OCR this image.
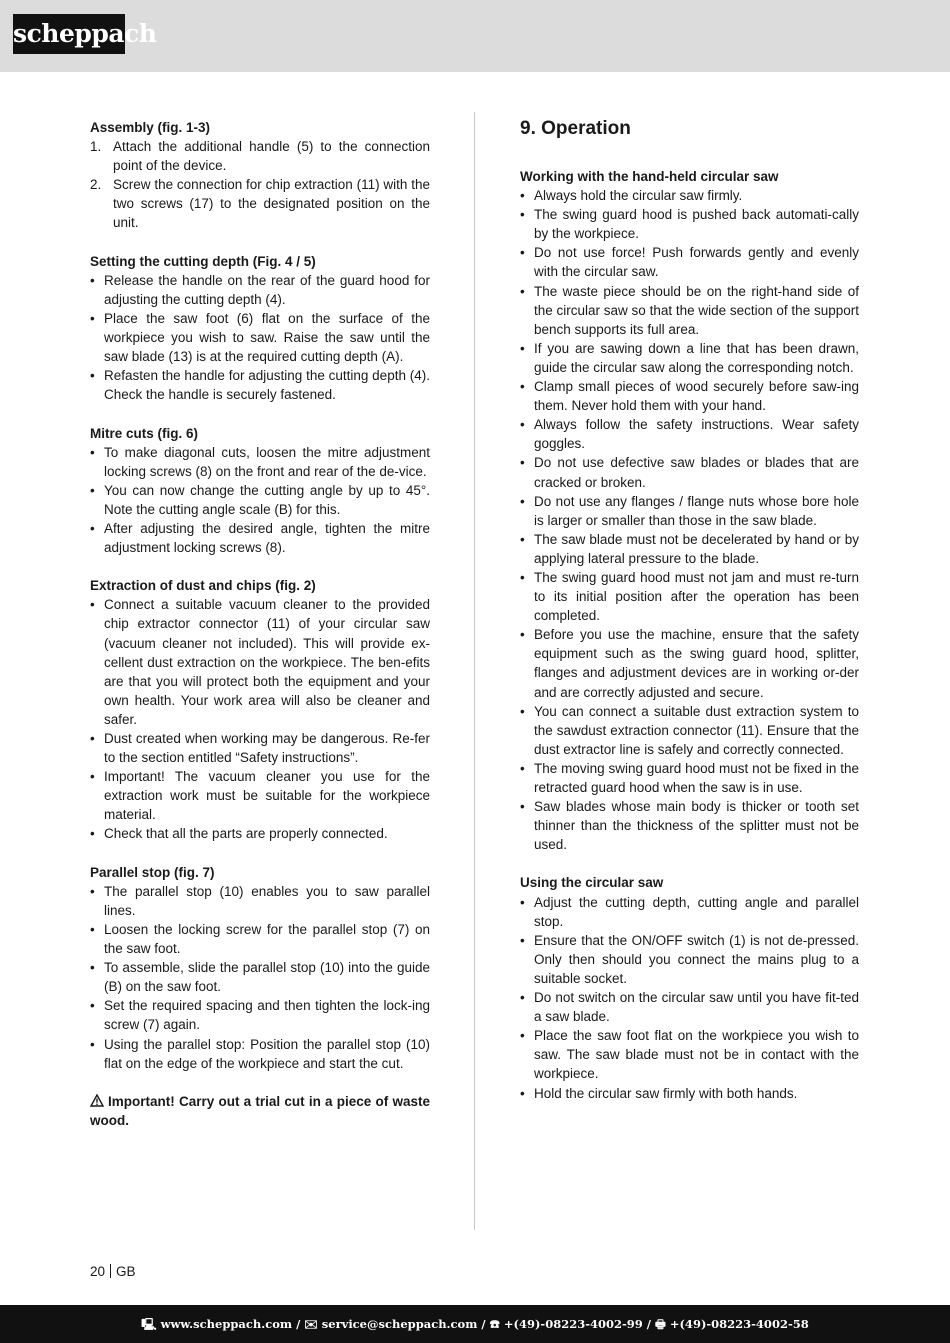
scheppach

Assembly (fig. 1-3)

1. Attach the additional handle (5) to the connection point of the device.
2. Screw the connection for chip extraction (11) with the two screws (17) to the designated position on the unit.

Setting the cutting depth (Fig. 4 / 5)

• Release the handle on the rear of the guard hood for adjusting the cutting depth (4).
• Place the saw foot (6) flat on the surface of the workpiece you wish to saw. Raise the saw until the saw blade (13) is at the required cutting depth (A).
• Refasten the handle for adjusting the cutting depth (4). Check the handle is securely fastened.

Mitre cuts (fig. 6)

• To make diagonal cuts, loosen the mitre adjustment locking screws (8) on the front and rear of the de-vice.
• You can now change the cutting angle by up to 45°. Note the cutting angle scale (B) for this.
• After adjusting the desired angle, tighten the mitre adjustment locking screws (8).

Extraction of dust and chips (fig. 2)

• Connect a suitable vacuum cleaner to the provided chip extractor connector (11) of your circular saw (vacuum cleaner not included). This will provide ex-cellent dust extraction on the workpiece. The ben-efits are that you will protect both the equipment and your own health. Your work area will also be cleaner and safer.
• Dust created when working may be dangerous. Re-fer to the section entitled “Safety instructions”.
• Important! The vacuum cleaner you use for the extraction work must be suitable for the workpiece material.
• Check that all the parts are properly connected.

Parallel stop (fig. 7)

• The parallel stop (10) enables you to saw parallel lines.
• Loosen the locking screw for the parallel stop (7) on the saw foot.
• To assemble, slide the parallel stop (10) into the guide (B) on the saw foot.
• Set the required spacing and then tighten the lock-ing screw (7) again.
• Using the parallel stop: Position the parallel stop (10) flat on the edge of the workpiece and start the cut.

Important! Carry out a trial cut in a piece of waste wood.

9. Operation

Working with the hand-held circular saw

• Always hold the circular saw firmly.
• The swing guard hood is pushed back automati-cally by the workpiece.
• Do not use force! Push forwards gently and evenly with the circular saw.
• The waste piece should be on the right-hand side of the circular saw so that the wide section of the support bench supports its full area.
• If you are sawing down a line that has been drawn, guide the circular saw along the corresponding notch.
• Clamp small pieces of wood securely before saw-ing them. Never hold them with your hand.
• Always follow the safety instructions. Wear safety goggles.
• Do not use defective saw blades or blades that are cracked or broken.
• Do not use any flanges / flange nuts whose bore hole is larger or smaller than those in the saw blade.
• The saw blade must not be decelerated by hand or by applying lateral pressure to the blade.
• The swing guard hood must not jam and must re-turn to its initial position after the operation has been completed.
• Before you use the machine, ensure that the safety equipment such as the swing guard hood, splitter, flanges and adjustment devices are in working or-der and are correctly adjusted and secure.
• You can connect a suitable dust extraction system to the sawdust extraction connector (11). Ensure that the dust extractor line is safely and correctly connected.
• The moving swing guard hood must not be fixed in the retracted guard hood when the saw is in use.
• Saw blades whose main body is thicker or tooth set thinner than the thickness of the splitter must not be used.

Using the circular saw

• Adjust the cutting depth, cutting angle and parallel stop.
• Ensure that the ON/OFF switch (1) is not de-pressed. Only then should you connect the mains plug to a suitable socket.
• Do not switch on the circular saw until you have fit-ted a saw blade.
• Place the saw foot flat on the workpiece you wish to saw. The saw blade must not be in contact with the workpiece.
• Hold the circular saw firmly with both hands.
20 GB
🖳 www.scheppach.com / ✉ service@scheppach.com / ☎ +(49)-08223-4002-99 / 🖶 +(49)-08223-4002-58
